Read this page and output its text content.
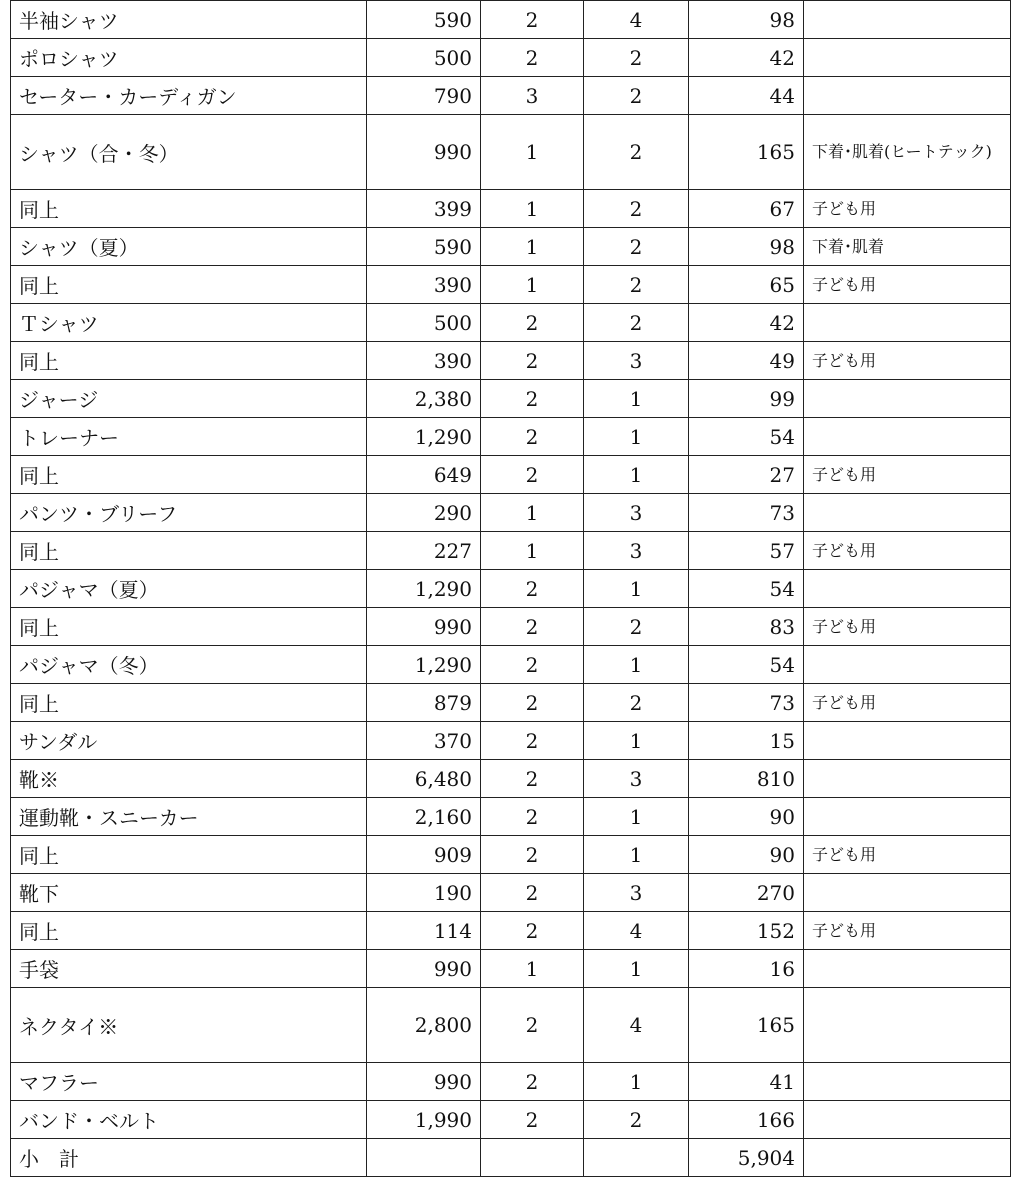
半袖シャツ	590	2	4	98	
ポロシャツ	500	2	2	42	
セーター・カーディガン	790	3	2	44	
シャツ（合・冬）	990	1	2	165	下着･肌着(ヒートテック)
同上	399	1	2	67	子ども用
シャツ（夏）	590	1	2	98	下着･肌着
同上	390	1	2	65	子ども用
Ｔシャツ	500	2	2	42	
同上	390	2	3	49	子ども用
ジャージ	2,380	2	1	99	
トレーナー	1,290	2	1	54	
同上	649	2	1	27	子ども用
パンツ・ブリーフ	290	1	3	73	
同上	227	1	3	57	子ども用
パジャマ（夏）	1,290	2	1	54	
同上	990	2	2	83	子ども用
パジャマ（冬）	1,290	2	1	54	
同上	879	2	2	73	子ども用
サンダル	370	2	1	15	
靴※	6,480	2	3	810	
運動靴・スニーカー	2,160	2	1	90	
同上	909	2	1	90	子ども用
靴下	190	2	3	270	
同上	114	2	4	152	子ども用
手袋	990	1	1	16	
ネクタイ※	2,800	2	4	165	
マフラー	990	2	1	41	
バンド・ベルト	1,990	2	2	166	
小　計				5,904	
